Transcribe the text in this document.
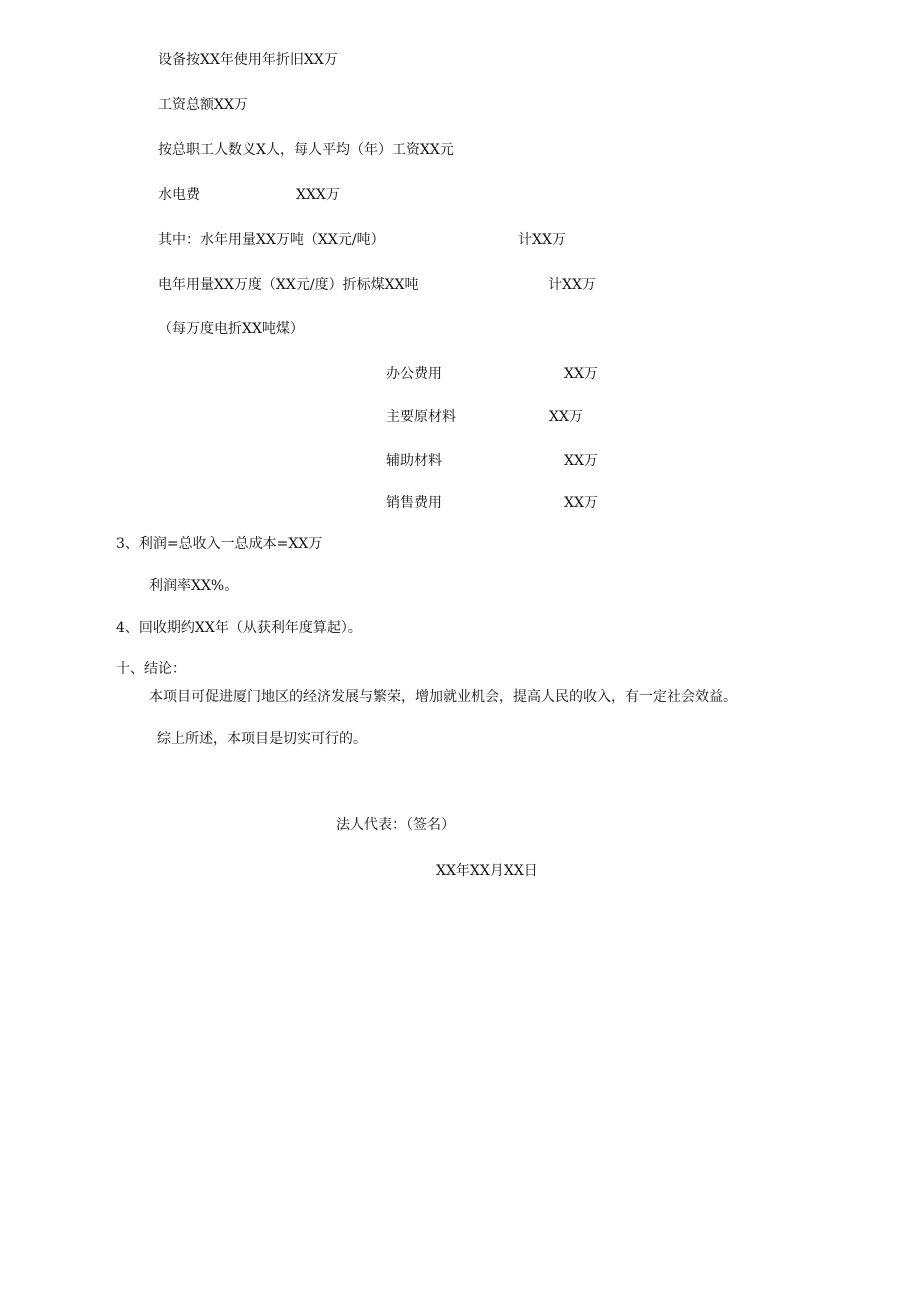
设备按XX年使用年折旧XX万
工资总额XX万
按总职工人数义X人，每人平均（年）工资XX元
水电费	XXX万
其中：水年用量XX万吨（XX元/吨）	计XX万
电年用量XX万度（XX元/度）折标煤XX吨	计XX万
（每万度电折XX吨煤）
办公费用	XX万
主要原材料	XX万
辅助材料	XX万
销售费用	XX万
3、利润=总收入一总成本=XX万
利润率XX%。
4、回收期约XX年（从获利年度算起）。
十、结论：
本项目可促进厦门地区的经济发展与繁荣，增加就业机会，提高人民的收入，有一定社会效益。
综上所述，本项目是切实可行的。
法人代表：（签名）
XX年XX月XX日
